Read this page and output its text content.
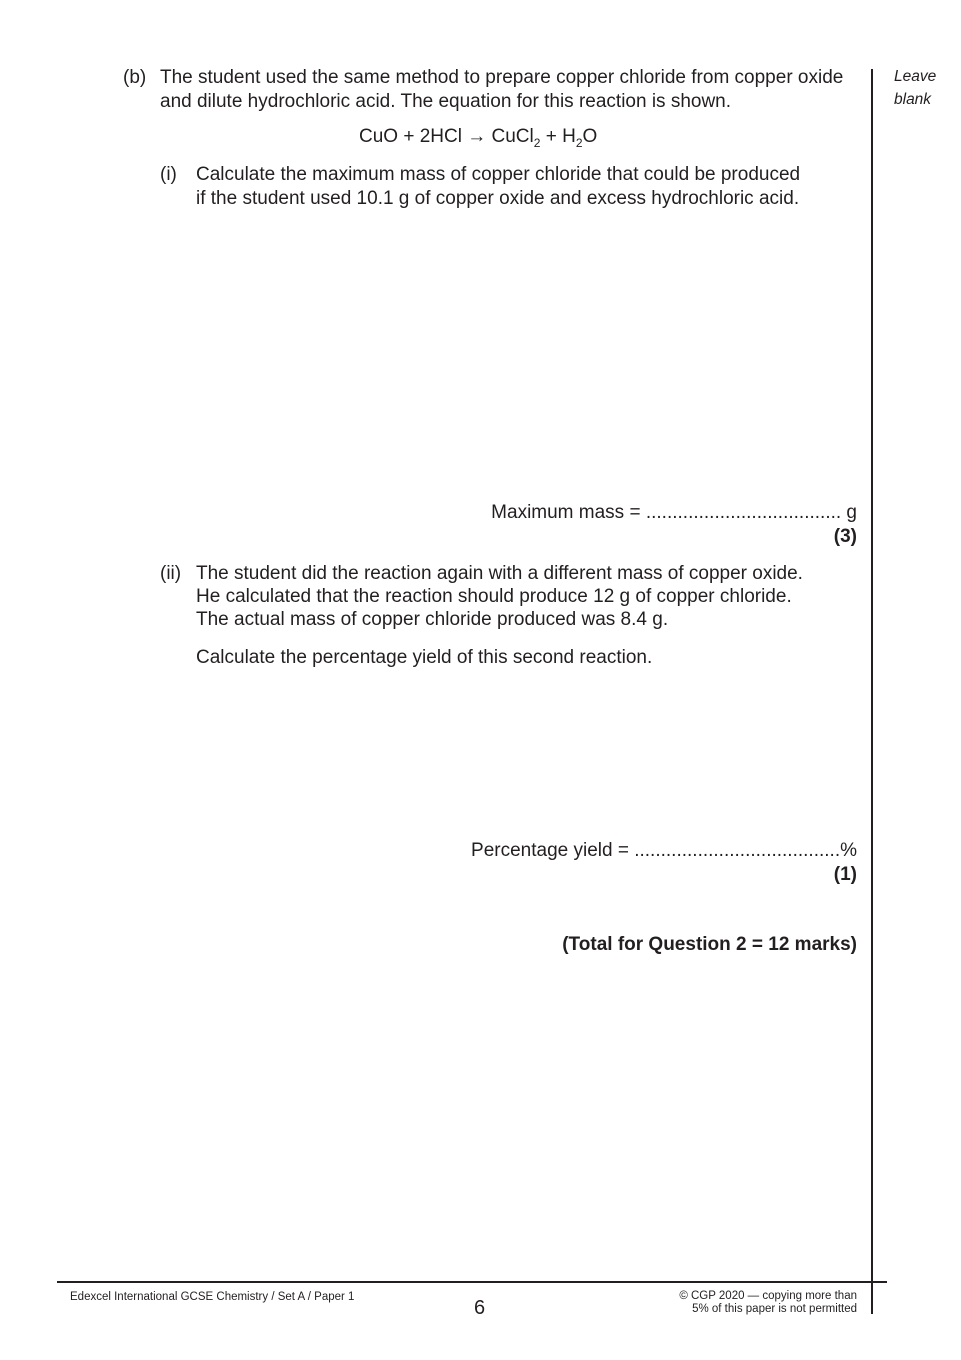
Leave
blank
(b) The student used the same method to prepare copper chloride from copper oxide
and dilute hydrochloric acid. The equation for this reaction is shown.
CuO + 2HCl → CuCl$_2$ + $H_2O$
(i) Calculate the maximum mass of copper chloride that could be produced
if the student used 10.1 g of copper oxide and excess hydrochloric acid.
Maximum mass = ..................................... g
(3)
(ii) The student did the reaction again with a different mass of copper oxide.
He calculated that the reaction should produce 12 g of copper chloride.
The actual mass of copper chloride produced was 8.4 g.
Calculate the percentage yield of this second reaction.
Percentage yield = .......................................%
(1)
(Total for Question 2 = 12 marks)
Edexcel International GCSE Chemistry / Set A / Paper 1	6
© CGP 2020 — copying more than
5% of this paper is not permitted
